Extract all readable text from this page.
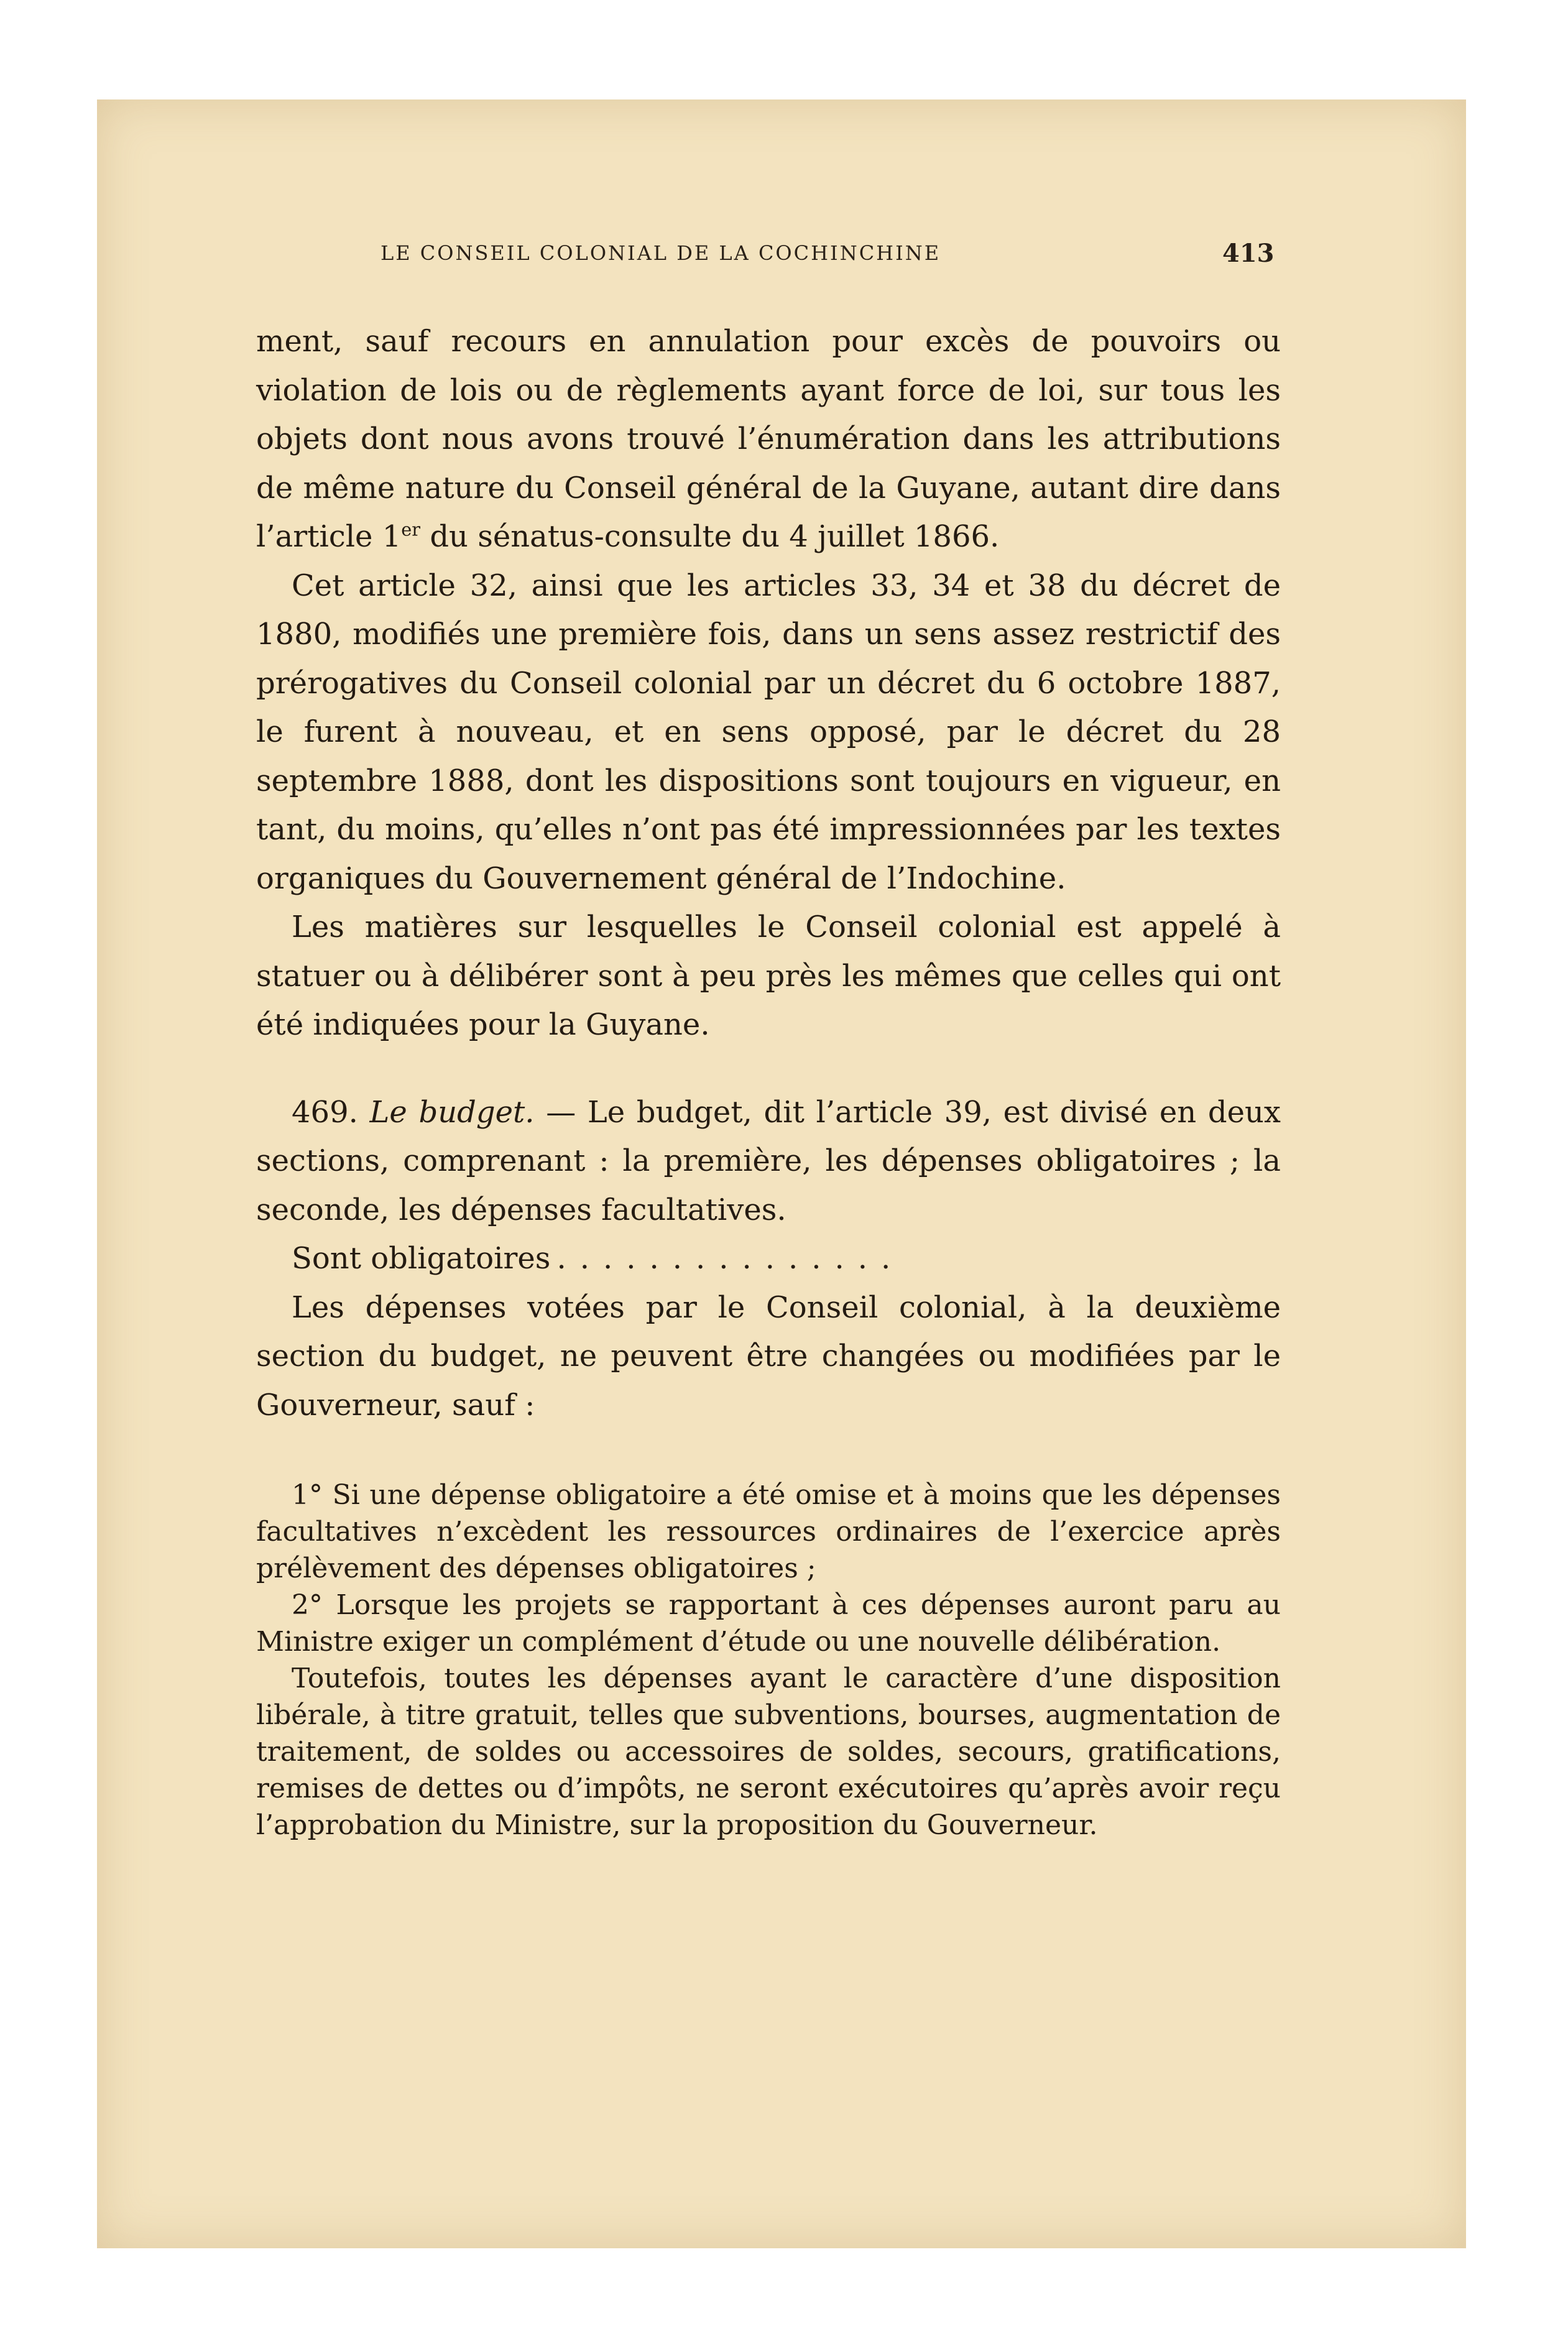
LE CONSEIL COLONIAL DE LA COCHINCHINE	413

ment, sauf recours en annulation pour excès de pouvoirs ou violation de lois ou de règlements ayant force de loi, sur tous les objets dont nous avons trouvé l’énumération dans les attributions de même nature du Conseil général de la Guyane, autant dire dans l’article 1er du sénatus-consulte du 4 juillet 1866.

Cet article 32, ainsi que les articles 33, 34 et 38 du décret de 1880, modifiés une première fois, dans un sens assez restrictif des prérogatives du Conseil colonial par un décret du 6 octobre 1887, le furent à nouveau, et en sens opposé, par le décret du 28 septembre 1888, dont les dispositions sont toujours en vigueur, en tant, du moins, qu’elles n’ont pas été impressionnées par les textes organiques du Gouvernement général de l’Indochine.

Les matières sur lesquelles le Conseil colonial est appelé à statuer ou à délibérer sont à peu près les mêmes que celles qui ont été indiquées pour la Guyane.

469. Le budget. — Le budget, dit l’article 39, est divisé en deux sections, comprenant : la première, les dépenses obligatoires ; la seconde, les dépenses facultatives.

Sont obligatoires ...............

Les dépenses votées par le Conseil colonial, à la deuxième section du budget, ne peuvent être changées ou modifiées par le Gouverneur, sauf :

1° Si une dépense obligatoire a été omise et à moins que les dépenses facultatives n’excèdent les ressources ordinaires de l’exercice après prélèvement des dépenses obligatoires ;

2° Lorsque les projets se rapportant à ces dépenses auront paru au Ministre exiger un complément d’étude ou une nouvelle délibération.

Toutefois, toutes les dépenses ayant le caractère d’une disposition libérale, à titre gratuit, telles que subventions, bourses, augmentation de traitement, de soldes ou accessoires de soldes, secours, gratifications, remises de dettes ou d’impôts, ne seront exécutoires qu’après avoir reçu l’approbation du Ministre, sur la proposition du Gouverneur.
